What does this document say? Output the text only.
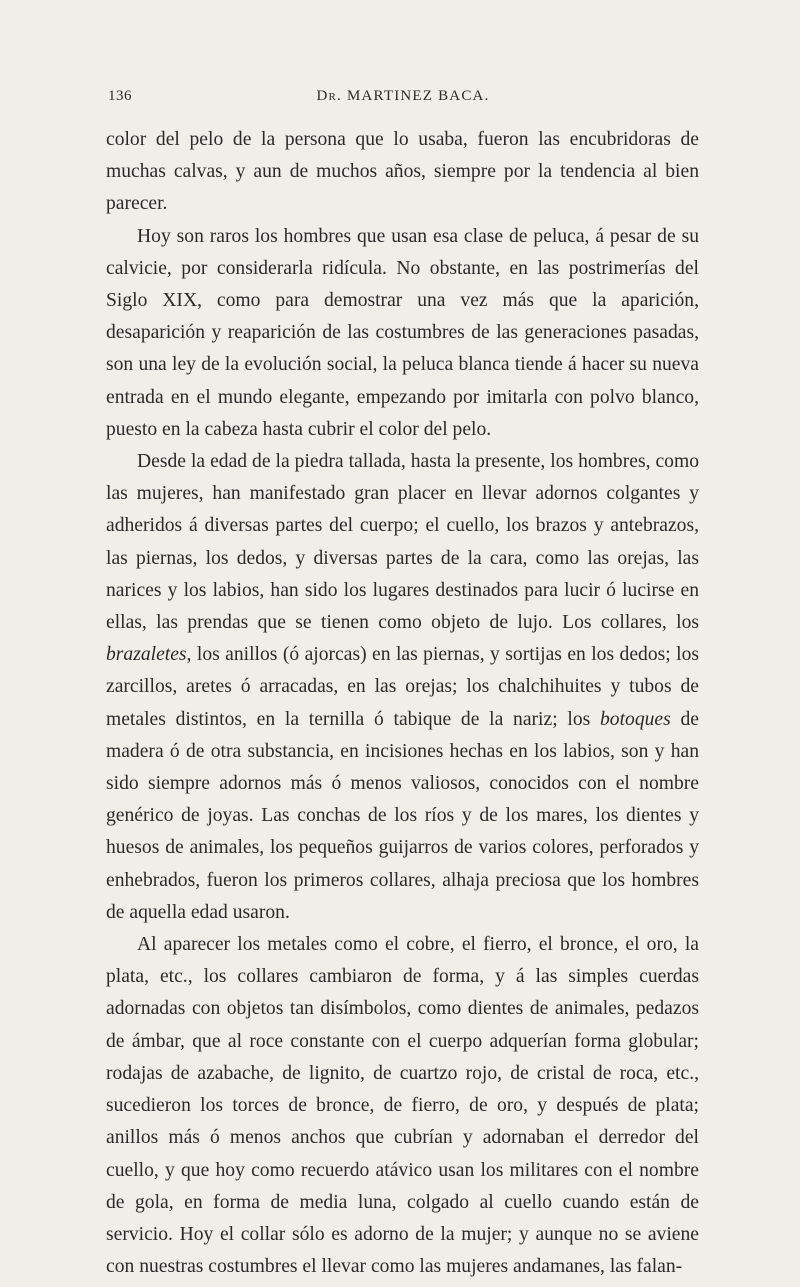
136	Dr. MARTINEZ BACA.

color del pelo de la persona que lo usaba, fueron las encubridoras de muchas calvas, y aun de muchos años, siempre por la tendencia al bien parecer.

Hoy son raros los hombres que usan esa clase de peluca, á pesar de su calvicie, por considerarla ridícula. No obstante, en las postrimerías del Siglo XIX, como para demostrar una vez más que la aparición, desaparición y reaparición de las costumbres de las generaciones pasadas, son una ley de la evolución social, la peluca blanca tiende á hacer su nueva entrada en el mundo elegante, empezando por imitarla con polvo blanco, puesto en la cabeza hasta cubrir el color del pelo.

Desde la edad de la piedra tallada, hasta la presente, los hombres, como las mujeres, han manifestado gran placer en llevar adornos colgantes y adheridos á diversas partes del cuerpo; el cuello, los brazos y antebrazos, las piernas, los dedos, y diversas partes de la cara, como las orejas, las narices y los labios, han sido los lugares destinados para lucir ó lucirse en ellas, las prendas que se tienen como objeto de lujo. Los collares, los brazaletes, los anillos (ó ajorcas) en las piernas, y sortijas en los dedos; los zarcillos, aretes ó arracadas, en las orejas; los chalchihuites y tubos de metales distintos, en la ternilla ó tabique de la nariz; los botoques de madera ó de otra substancia, en incisiones hechas en los labios, son y han sido siempre adornos más ó menos valiosos, conocidos con el nombre genérico de joyas. Las conchas de los ríos y de los mares, los dientes y huesos de animales, los pequeños guijarros de varios colores, perforados y enhebrados, fueron los primeros collares, alhaja preciosa que los hombres de aquella edad usaron.

Al aparecer los metales como el cobre, el fierro, el bronce, el oro, la plata, etc., los collares cambiaron de forma, y á las simples cuerdas adornadas con objetos tan disímbolos, como dientes de animales, pedazos de ámbar, que al roce constante con el cuerpo adquerían forma globular; rodajas de azabache, de lignito, de cuartzo rojo, de cristal de roca, etc., sucedieron los torces de bronce, de fierro, de oro, y después de plata; anillos más ó menos anchos que cubrían y adornaban el derredor del cuello, y que hoy como recuerdo atávico usan los militares con el nombre de gola, en forma de media luna, colgado al cuello cuando están de servicio. Hoy el collar sólo es adorno de la mujer; y aunque no se aviene con nuestras costumbres el llevar como las mujeres andamanes, las falan-
